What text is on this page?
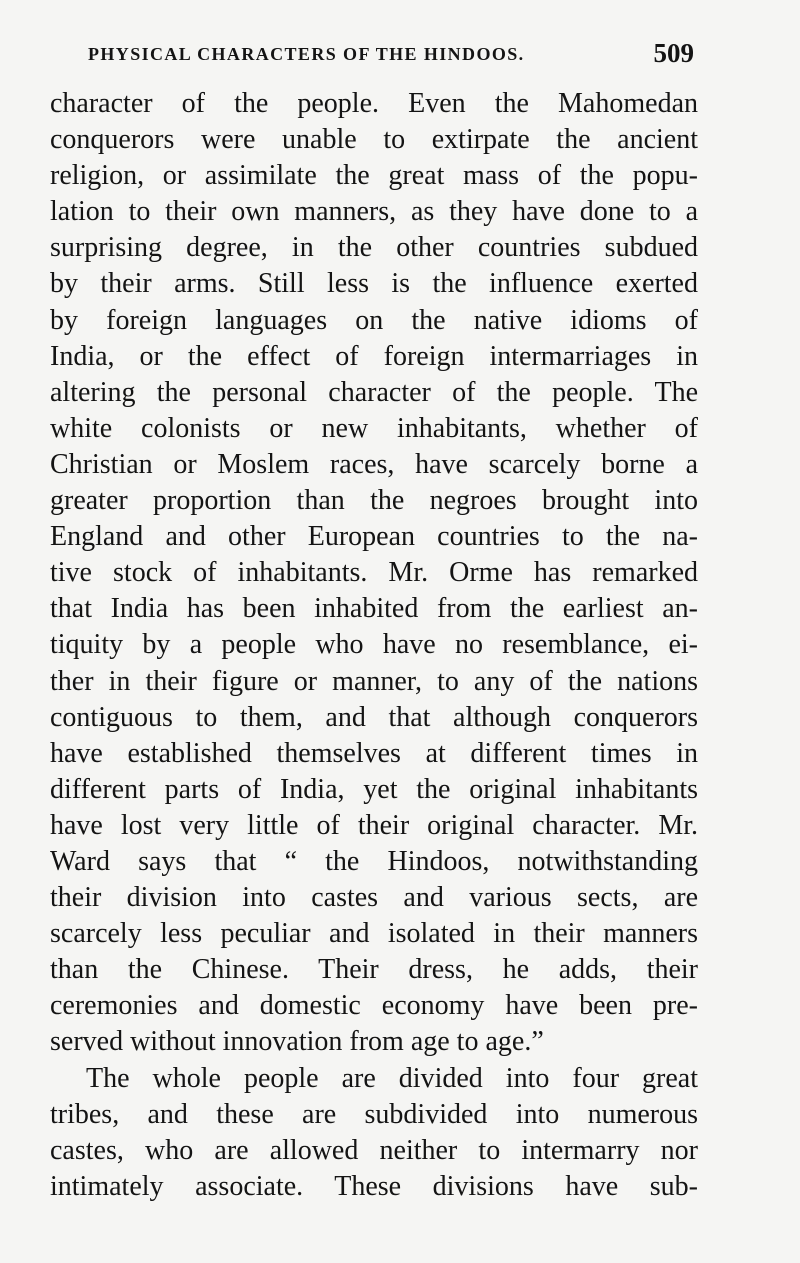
PHYSICAL CHARACTERS OF THE HINDOOS.	509
character of the people. Even the Mahomedan
conquerors were unable to extirpate the ancient
religion, or assimilate the great mass of the popu-
lation to their own manners, as they have done to a
surprising degree, in the other countries subdued
by their arms. Still less is the influence exerted
by foreign languages on the native idioms of
India, or the effect of foreign intermarriages in
altering the personal character of the people. The
white colonists or new inhabitants, whether of
Christian or Moslem races, have scarcely borne a
greater proportion than the negroes brought into
England and other European countries to the na-
tive stock of inhabitants. Mr. Orme has remarked
that India has been inhabited from the earliest an-
tiquity by a people who have no resemblance, ei-
ther in their figure or manner, to any of the nations
contiguous to them, and that although conquerors
have established themselves at different times in
different parts of India, yet the original inhabitants
have lost very little of their original character. Mr.
Ward says that “ the Hindoos, notwithstanding
their division into castes and various sects, are
scarcely less peculiar and isolated in their manners
than the Chinese. Their dress, he adds, their
ceremonies and domestic economy have been pre-
served without innovation from age to age.”
The whole people are divided into four great
tribes, and these are subdivided into numerous
castes, who are allowed neither to intermarry nor
intimately associate. These divisions have sub-
